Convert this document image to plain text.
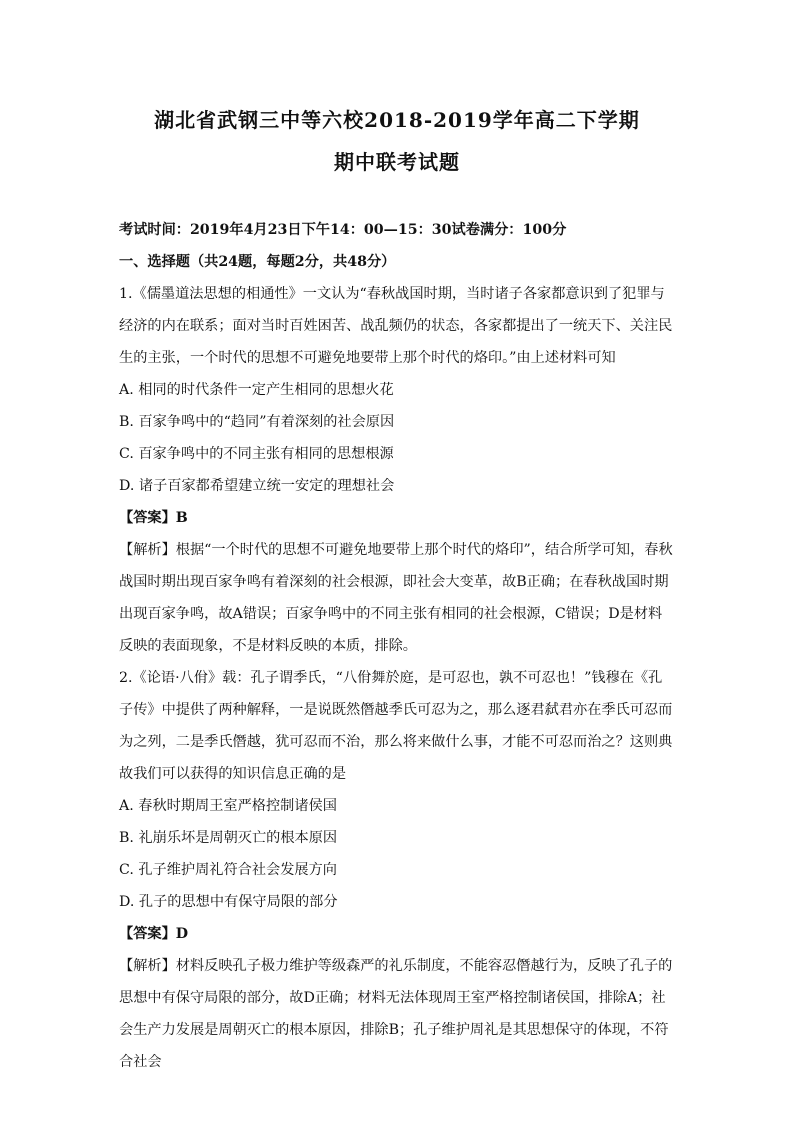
湖北省武钢三中等六校2018-2019学年高二下学期
期中联考试题

考试时间：2019年4月23日下午14：00—15：30试卷满分：100分

一、选择题（共24题，每题2分，共48分）

1.《儒墨道法思想的相通性》一文认为“春秋战国时期，当时诸子各家都意识到了犯罪与经济的内在联系；面对当时百姓困苦、战乱频仍的状态，各家都提出了一统天下、关注民生的主张，一个时代的思想不可避免地要带上那个时代的烙印。”由上述材料可知

A. 相同的时代条件一定产生相同的思想火花

B. 百家争鸣中的“趋同”有着深刻的社会原因

C. 百家争鸣中的不同主张有相同的思想根源

D. 诸子百家都希望建立统一安定的理想社会

【答案】B

【解析】根据“一个时代的思想不可避免地要带上那个时代的烙印”，结合所学可知，春秋战国时期出现百家争鸣有着深刻的社会根源，即社会大变革，故B正确；在春秋战国时期出现百家争鸣，故A错误；百家争鸣中的不同主张有相同的社会根源，C错误；D是材料反映的表面现象，不是材料反映的本质，排除。

2.《论语·八佾》载：孔子谓季氏，“八佾舞於庭，是可忍也，孰不可忍也！”钱穆在《孔子传》中提供了两种解释，一是说既然僭越季氏可忍为之，那么逐君弑君亦在季氏可忍而为之列，二是季氏僭越，犹可忍而不治，那么将来做什么事，才能不可忍而治之？这则典故我们可以获得的知识信息正确的是

A. 春秋时期周王室严格控制诸侯国

B. 礼崩乐坏是周朝灭亡的根本原因

C. 孔子维护周礼符合社会发展方向

D. 孔子的思想中有保守局限的部分

【答案】D

【解析】材料反映孔子极力维护等级森严的礼乐制度，不能容忍僭越行为，反映了孔子的思想中有保守局限的部分，故D正确；材料无法体现周王室严格控制诸侯国，排除A；社会生产力发展是周朝灭亡的根本原因，排除B；孔子维护周礼是其思想保守的体现，不符合社会
